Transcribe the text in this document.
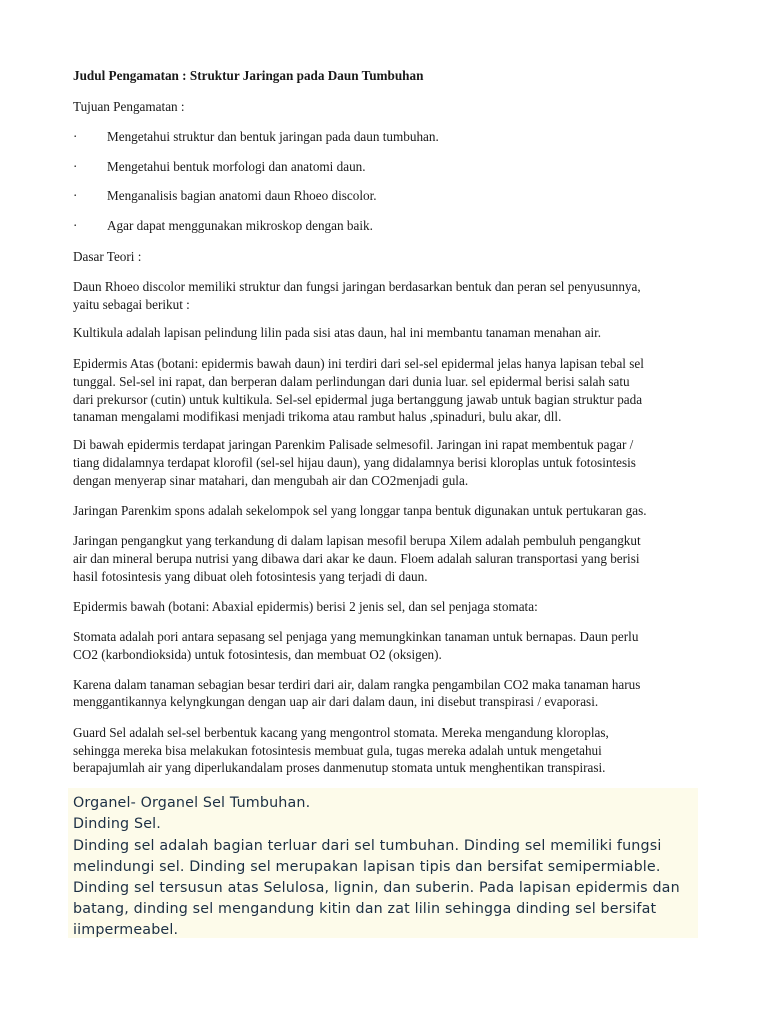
Judul Pengamatan : Struktur Jaringan pada Daun Tumbuhan

Tujuan Pengamatan :

· Mengetahui struktur dan bentuk jaringan pada daun tumbuhan.
· Mengetahui bentuk morfologi dan anatomi daun.
· Menganalisis bagian anatomi daun Rhoeo discolor.
· Agar dapat menggunakan mikroskop dengan baik.

Dasar Teori :

Daun Rhoeo discolor memiliki struktur dan fungsi jaringan berdasarkan bentuk dan peran sel penyusunnya,

yaitu sebagai berikut :

Kultikula adalah lapisan pelindung lilin pada sisi atas daun, hal ini membantu tanaman menahan air.

Epidermis Atas (botani: epidermis bawah daun) ini terdiri dari sel-sel epidermal jelas hanya lapisan tebal sel

tunggal. Sel-sel ini rapat, dan berperan dalam perlindungan dari dunia luar. sel epidermal berisi salah satu

dari prekursor (cutin) untuk kultikula. Sel-sel epidermal juga bertanggung jawab untuk bagian struktur pada

tanaman mengalami modifikasi menjadi trikoma atau rambut halus ,spinaduri, bulu akar, dll.

Di bawah epidermis terdapat jaringan Parenkim Palisade selmesofil. Jaringan ini rapat membentuk pagar /

tiang didalamnya terdapat klorofil (sel-sel hijau daun), yang didalamnya berisi kloroplas untuk fotosintesis

dengan menyerap sinar matahari, dan mengubah air dan CO2menjadi gula.

Jaringan Parenkim spons adalah sekelompok sel yang longgar tanpa bentuk digunakan untuk pertukaran gas.

Jaringan pengangkut yang terkandung di dalam lapisan mesofil berupa Xilem adalah pembuluh pengangkut

air dan mineral berupa nutrisi yang dibawa dari akar ke daun. Floem adalah saluran transportasi yang berisi

hasil fotosintesis yang dibuat oleh fotosintesis yang terjadi di daun.

Epidermis bawah (botani: Abaxial epidermis) berisi 2 jenis sel, dan sel penjaga stomata:

Stomata adalah pori antara sepasang sel penjaga yang memungkinkan tanaman untuk bernapas. Daun perlu

CO2 (karbondioksida) untuk fotosintesis, dan membuat O2 (oksigen).

Karena dalam tanaman sebagian besar terdiri dari air, dalam rangka pengambilan CO2 maka tanaman harus

menggantikannya kelyngkungan dengan uap air dari dalam daun, ini disebut transpirasi / evaporasi.

Guard Sel adalah sel-sel berbentuk kacang yang mengontrol stomata. Mereka mengandung kloroplas,

sehingga mereka bisa melakukan fotosintesis membuat gula, tugas mereka adalah untuk mengetahui

berapajumlah air yang diperlukandalam proses danmenutup stomata untuk menghentikan transpirasi.

Organel- Organel Sel Tumbuhan.

Dinding Sel.

Dinding sel adalah bagian terluar dari sel tumbuhan. Dinding sel memiliki fungsi

melindungi sel. Dinding sel merupakan lapisan tipis dan bersifat semipermiable.

Dinding sel tersusun atas Selulosa, lignin, dan suberin. Pada lapisan epidermis dan

batang, dinding sel mengandung kitin dan zat lilin sehingga dinding sel bersifat

iimpermeabel.
